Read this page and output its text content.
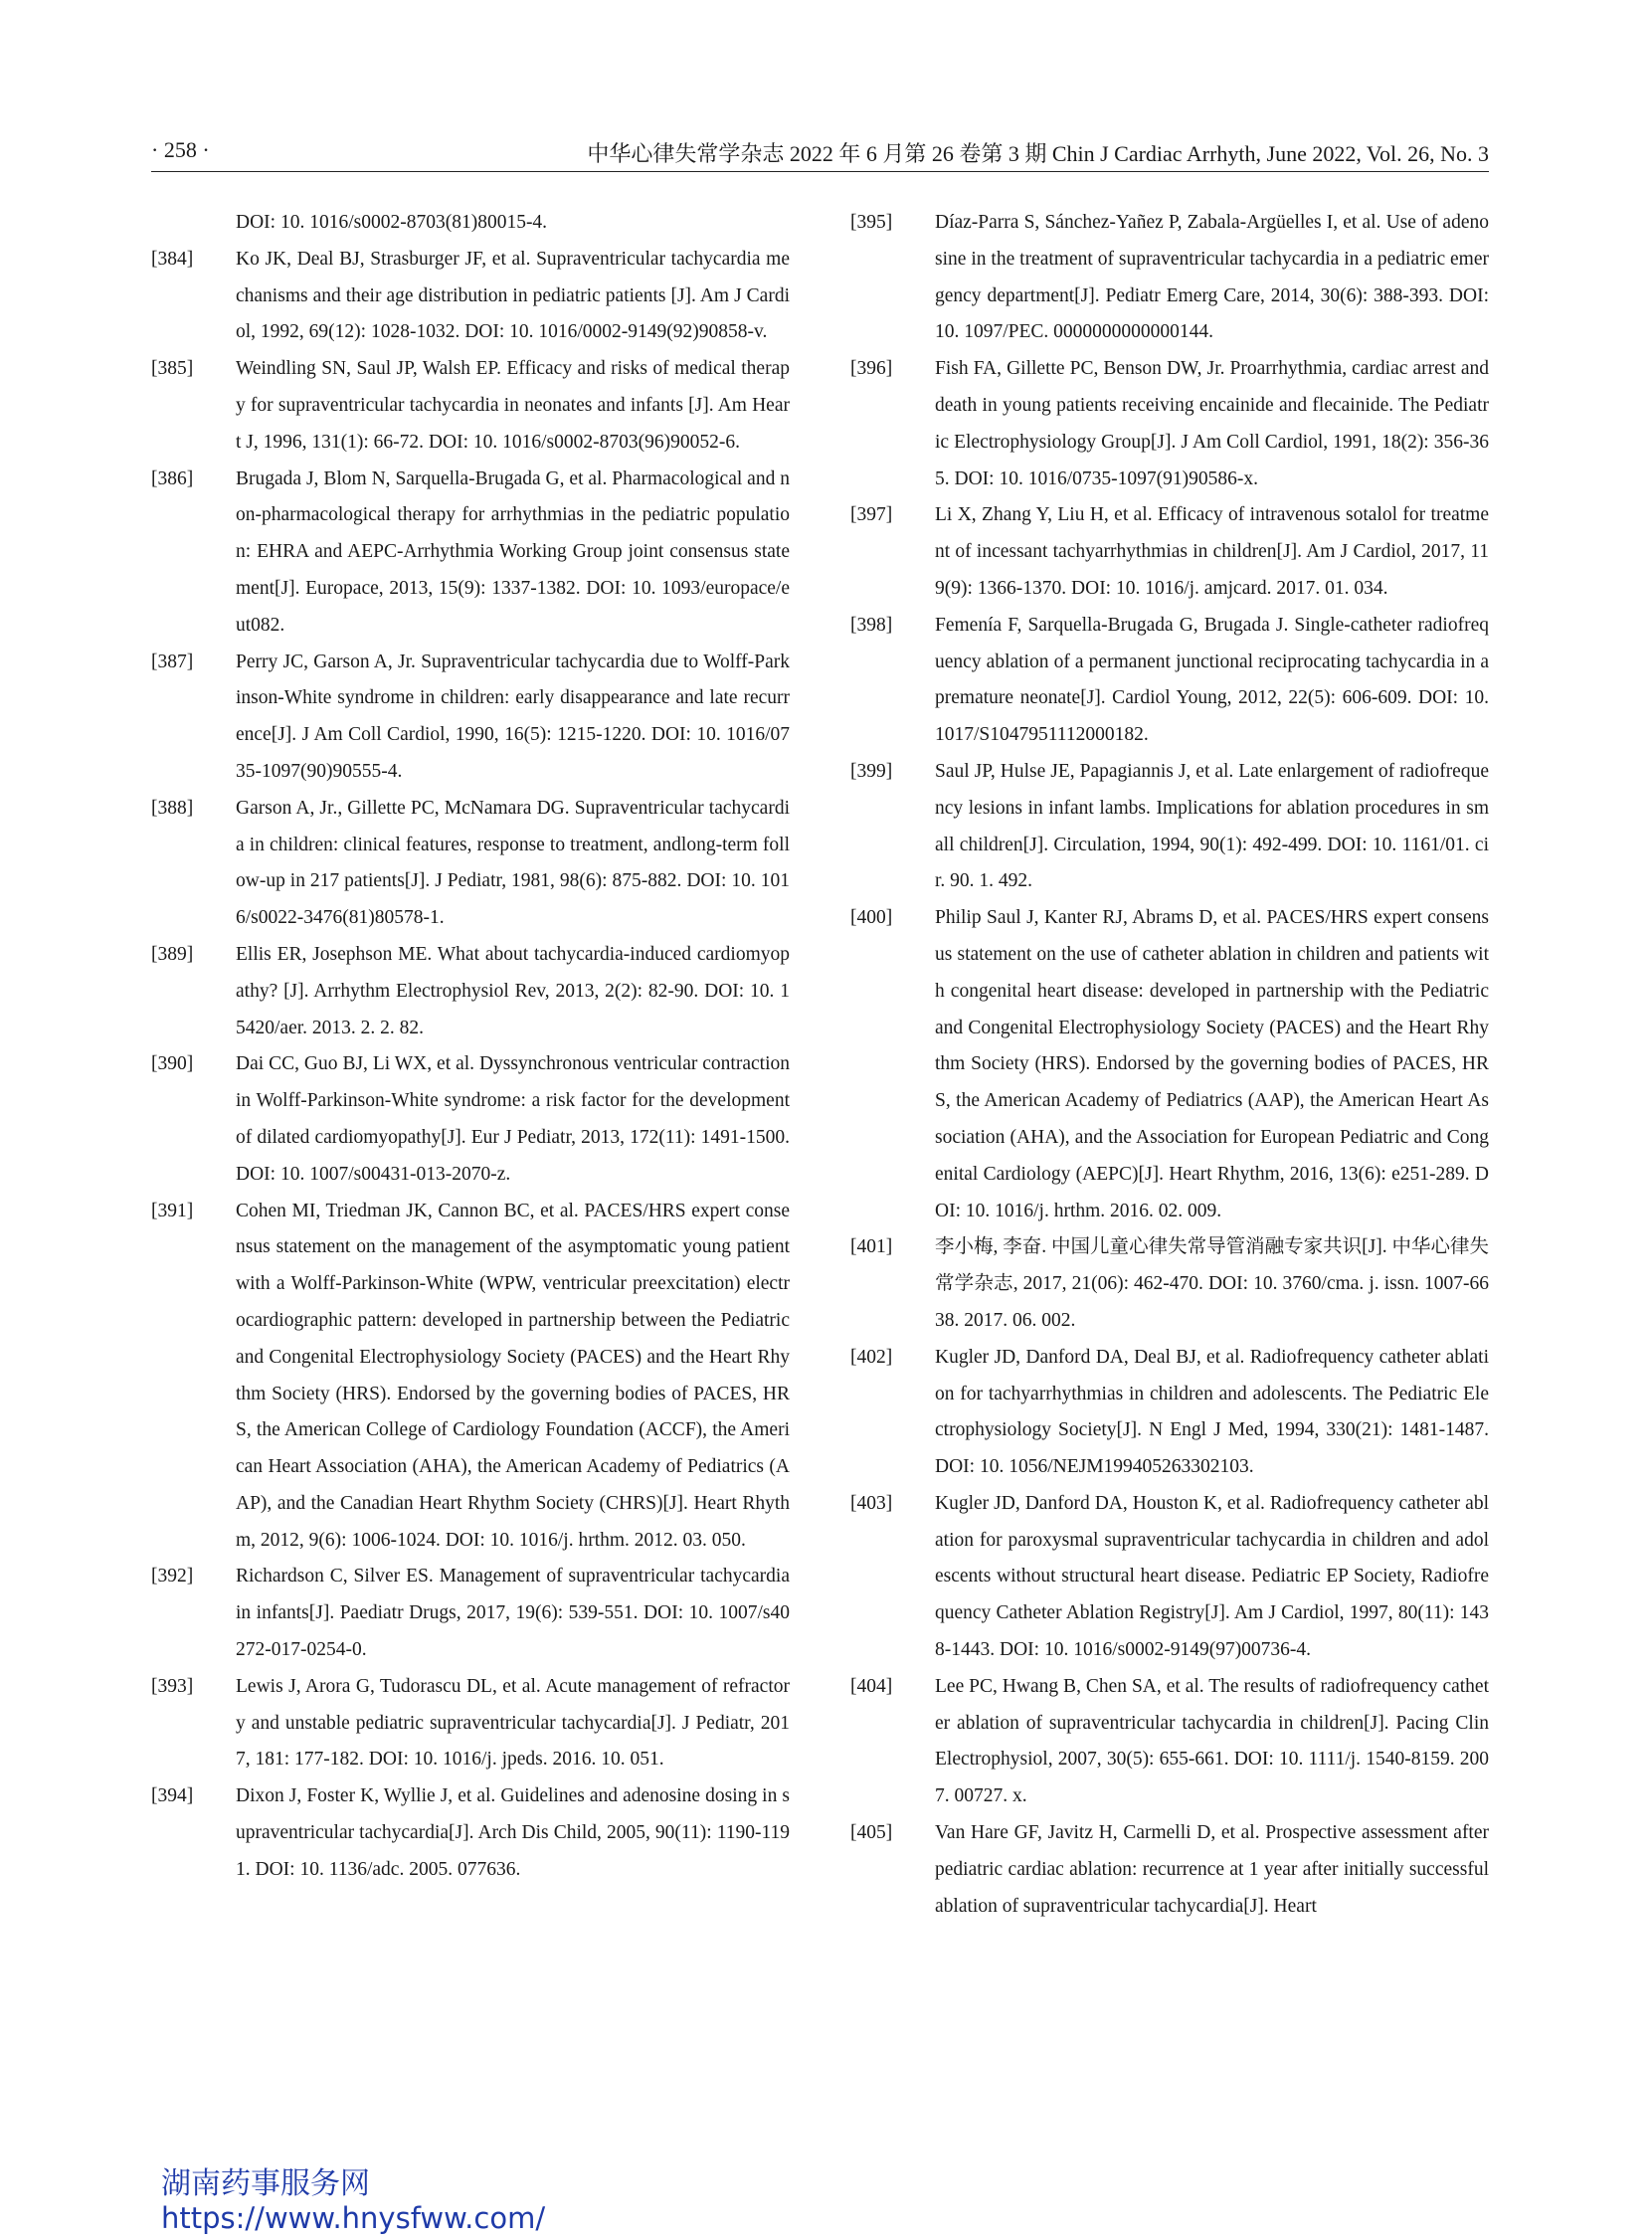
· 258 ·	中华心律失常学杂志 2022 年 6 月第 26 卷第 3 期 Chin J Cardiac Arrhyth, June 2022, Vol. 26, No. 3
DOI: 10. 1016/s0002-8703(81)80015-4.
[384] Ko JK, Deal BJ, Strasburger JF, et al. Supraventricular tachycardia mechanisms and their age distribution in pediatric patients [J]. Am J Cardiol, 1992, 69(12): 1028-1032. DOI: 10. 1016/0002-9149(92)90858-v.
[385] Weindling SN, Saul JP, Walsh EP. Efficacy and risks of medical therapy for supraventricular tachycardia in neonates and infants [J]. Am Heart J, 1996, 131(1): 66-72. DOI: 10. 1016/s0002-8703(96)90052-6.
[386] Brugada J, Blom N, Sarquella-Brugada G, et al. Pharmacological and non-pharmacological therapy for arrhythmias in the pediatric population: EHRA and AEPC-Arrhythmia Working Group joint consensus statement[J]. Europace, 2013, 15(9): 1337-1382. DOI: 10. 1093/europace/eut082.
[387] Perry JC, Garson A, Jr. Supraventricular tachycardia due to Wolff-Parkinson-White syndrome in children: early disappearance and late recurrence[J]. J Am Coll Cardiol, 1990, 16(5): 1215-1220. DOI: 10. 1016/0735-1097(90)90555-4.
[388] Garson A, Jr., Gillette PC, McNamara DG. Supraventricular tachycardia in children: clinical features, response to treatment, andlong-term follow-up in 217 patients[J]. J Pediatr, 1981, 98(6): 875-882. DOI: 10. 1016/s0022-3476(81)80578-1.
[389] Ellis ER, Josephson ME. What about tachycardia-induced cardiomyopathy? [J]. Arrhythm Electrophysiol Rev, 2013, 2(2): 82-90. DOI: 10. 15420/aer. 2013. 2. 2. 82.
[390] Dai CC, Guo BJ, Li WX, et al. Dyssynchronous ventricular contraction in Wolff-Parkinson-White syndrome: a risk factor for the development of dilated cardiomyopathy[J]. Eur J Pediatr, 2013, 172(11): 1491-1500. DOI: 10. 1007/s00431-013-2070-z.
[391] Cohen MI, Triedman JK, Cannon BC, et al. PACES/HRS expert consensus statement on the management of the asymptomatic young patient with a Wolff-Parkinson-White (WPW, ventricular preexcitation) electrocardiographic pattern: developed in partnership between the Pediatric and Congenital Electrophysiology Society (PACES) and the Heart Rhythm Society (HRS). Endorsed by the governing bodies of PACES, HRS, the American College of Cardiology Foundation (ACCF), the American Heart Association (AHA), the American Academy of Pediatrics (AAP), and the Canadian Heart Rhythm Society (CHRS)[J]. Heart Rhythm, 2012, 9(6): 1006-1024. DOI: 10. 1016/j. hrthm. 2012. 03. 050.
[392] Richardson C, Silver ES. Management of supraventricular tachycardia in infants[J]. Paediatr Drugs, 2017, 19(6): 539-551. DOI: 10. 1007/s40272-017-0254-0.
[393] Lewis J, Arora G, Tudorascu DL, et al. Acute management of refractory and unstable pediatric supraventricular tachycardia[J]. J Pediatr, 2017, 181: 177-182. DOI: 10. 1016/j. jpeds. 2016. 10. 051.
[394] Dixon J, Foster K, Wyllie J, et al. Guidelines and adenosine dosing in supraventricular tachycardia[J]. Arch Dis Child, 2005, 90(11): 1190-1191. DOI: 10. 1136/adc. 2005. 077636.
[395] Díaz-Parra S, Sánchez-Yañez P, Zabala-Argüelles I, et al. Use of adenosine in the treatment of supraventricular tachycardia in a pediatric emergency department[J]. Pediatr Emerg Care, 2014, 30(6): 388-393. DOI: 10. 1097/PEC. 0000000000000144.
[396] Fish FA, Gillette PC, Benson DW, Jr. Proarrhythmia, cardiac arrest and death in young patients receiving encainide and flecainide. The Pediatric Electrophysiology Group[J]. J Am Coll Cardiol, 1991, 18(2): 356-365. DOI: 10. 1016/0735-1097(91)90586-x.
[397] Li X, Zhang Y, Liu H, et al. Efficacy of intravenous sotalol for treatment of incessant tachyarrhythmias in children[J]. Am J Cardiol, 2017, 119(9): 1366-1370. DOI: 10. 1016/j. amjcard. 2017. 01. 034.
[398] Femenía F, Sarquella-Brugada G, Brugada J. Single-catheter radiofrequency ablation of a permanent junctional reciprocating tachycardia in a premature neonate[J]. Cardiol Young, 2012, 22(5): 606-609. DOI: 10. 1017/S1047951112000182.
[399] Saul JP, Hulse JE, Papagiannis J, et al. Late enlargement of radiofrequency lesions in infant lambs. Implications for ablation procedures in small children[J]. Circulation, 1994, 90(1): 492-499. DOI: 10. 1161/01. cir. 90. 1. 492.
[400] Philip Saul J, Kanter RJ, Abrams D, et al. PACES/HRS expert consensus statement on the use of catheter ablation in children and patients with congenital heart disease: developed in partnership with the Pediatric and Congenital Electrophysiology Society (PACES) and the Heart Rhythm Society (HRS). Endorsed by the governing bodies of PACES, HRS, the American Academy of Pediatrics (AAP), the American Heart Association (AHA), and the Association for European Pediatric and Congenital Cardiology (AEPC)[J]. Heart Rhythm, 2016, 13(6): e251-289. DOI: 10. 1016/j. hrthm. 2016. 02. 009.
[401] 李小梅, 李奋. 中国儿童心律失常导管消融专家共识[J]. 中华心律失常学杂志, 2017, 21(06): 462-470. DOI: 10. 3760/cma. j. issn. 1007-6638. 2017. 06. 002.
[402] Kugler JD, Danford DA, Deal BJ, et al. Radiofrequency catheter ablation for tachyarrhythmias in children and adolescents. The Pediatric Electrophysiology Society[J]. N Engl J Med, 1994, 330(21): 1481-1487. DOI: 10. 1056/NEJM199405263302103.
[403] Kugler JD, Danford DA, Houston K, et al. Radiofrequency catheter ablation for paroxysmal supraventricular tachycardia in children and adolescents without structural heart disease. Pediatric EP Society, Radiofrequency Catheter Ablation Registry[J]. Am J Cardiol, 1997, 80(11): 1438-1443. DOI: 10. 1016/s0002-9149(97)00736-4.
[404] Lee PC, Hwang B, Chen SA, et al. The results of radiofrequency catheter ablation of supraventricular tachycardia in children[J]. Pacing Clin Electrophysiol, 2007, 30(5): 655-661. DOI: 10. 1111/j. 1540-8159. 2007. 00727. x.
[405] Van Hare GF, Javitz H, Carmelli D, et al. Prospective assessment after pediatric cardiac ablation: recurrence at 1 year after initially successful ablation of supraventricular tachycardia[J]. Heart
湖南药事服务网
https://www.hnysfww.com/
